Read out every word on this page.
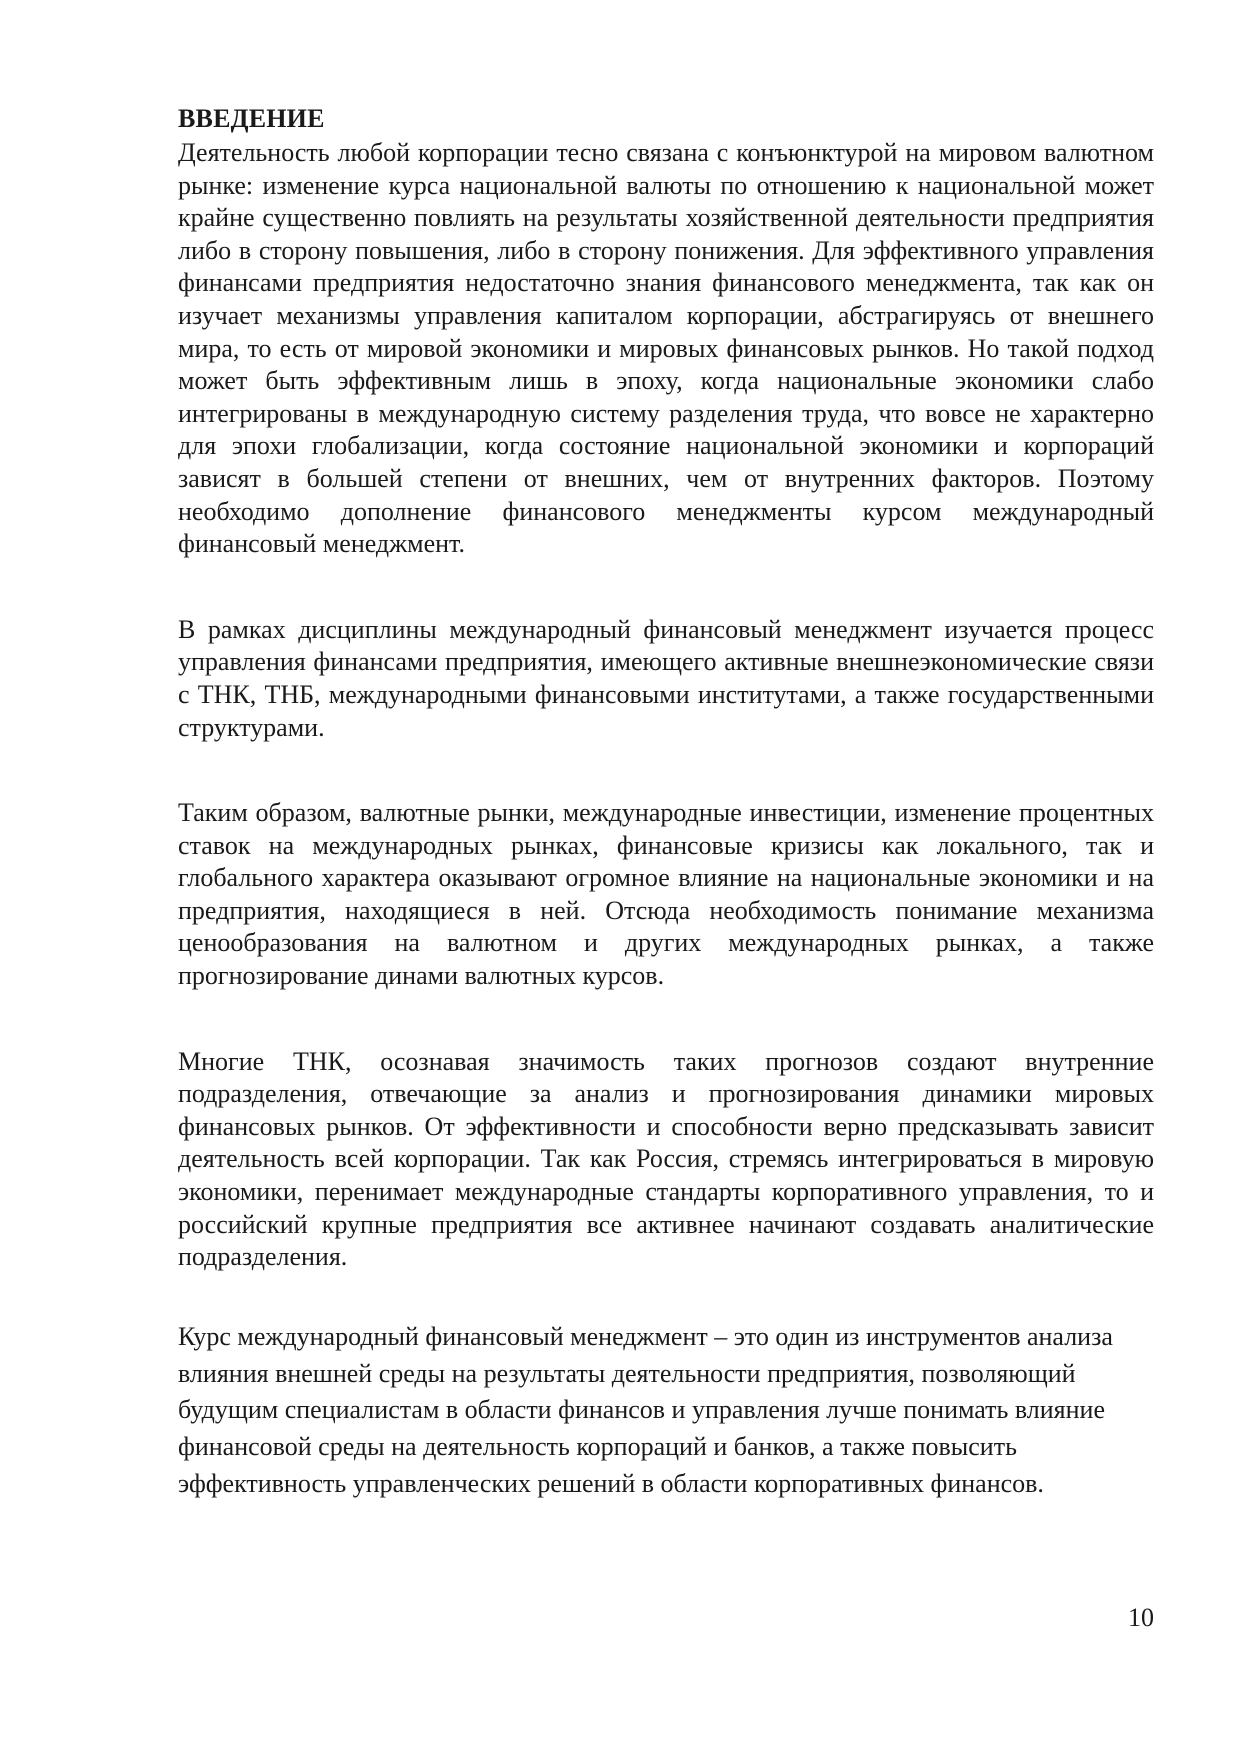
ВВЕДЕНИЕ

Деятельность любой корпорации тесно связана с конъюнктурой на мировом валютном рынке: изменение курса национальной валюты по отношению к национальной может крайне существенно повлиять на результаты хозяйственной деятельности предприятия либо в сторону повышения, либо в сторону понижения. Для эффективного управления финансами предприятия недостаточно знания финансового менеджмента, так как он изучает механизмы управления капиталом корпорации, абстрагируясь от внешнего мира, то есть от мировой экономики и мировых финансовых рынков. Но такой подход может быть эффективным лишь в эпоху, когда национальные экономики слабо интегрированы в международную систему разделения труда, что вовсе не характерно для эпохи глобализации, когда состояние национальной экономики и корпораций зависят в большей степени от внешних, чем от внутренних факторов. Поэтому необходимо дополнение финансового менеджменты курсом международный финансовый менеджмент.

В рамках дисциплины международный финансовый менеджмент изучается процесс управления финансами предприятия, имеющего активные внешнеэкономические связи с ТНК, ТНБ, международными финансовыми институтами, а также государственными структурами.

Таким образом, валютные рынки, международные инвестиции, изменение процентных ставок на международных рынках, финансовые кризисы как локального, так и глобального характера оказывают огромное влияние на национальные экономики и на предприятия, находящиеся в ней. Отсюда необходимость понимание механизма ценообразования на валютном и других международных рынках, а также прогнозирование динами валютных курсов.

Многие ТНК, осознавая значимость таких прогнозов создают внутренние подразделения, отвечающие за анализ и прогнозирования динамики мировых финансовых рынков. От эффективности и способности верно предсказывать зависит деятельность всей корпорации. Так как Россия, стремясь интегрироваться в мировую экономики, перенимает международные стандарты корпоративного управления, то и российский крупные предприятия все активнее начинают создавать аналитические подразделения.

Курс международный финансовый менеджмент – это один из инструментов анализа влияния внешней среды на результаты деятельности предприятия, позволяющий будущим специалистам в области финансов и управления лучше понимать влияние финансовой среды на деятельность корпораций и банков, а также повысить эффективность управленческих решений в области корпоративных финансов.

10
